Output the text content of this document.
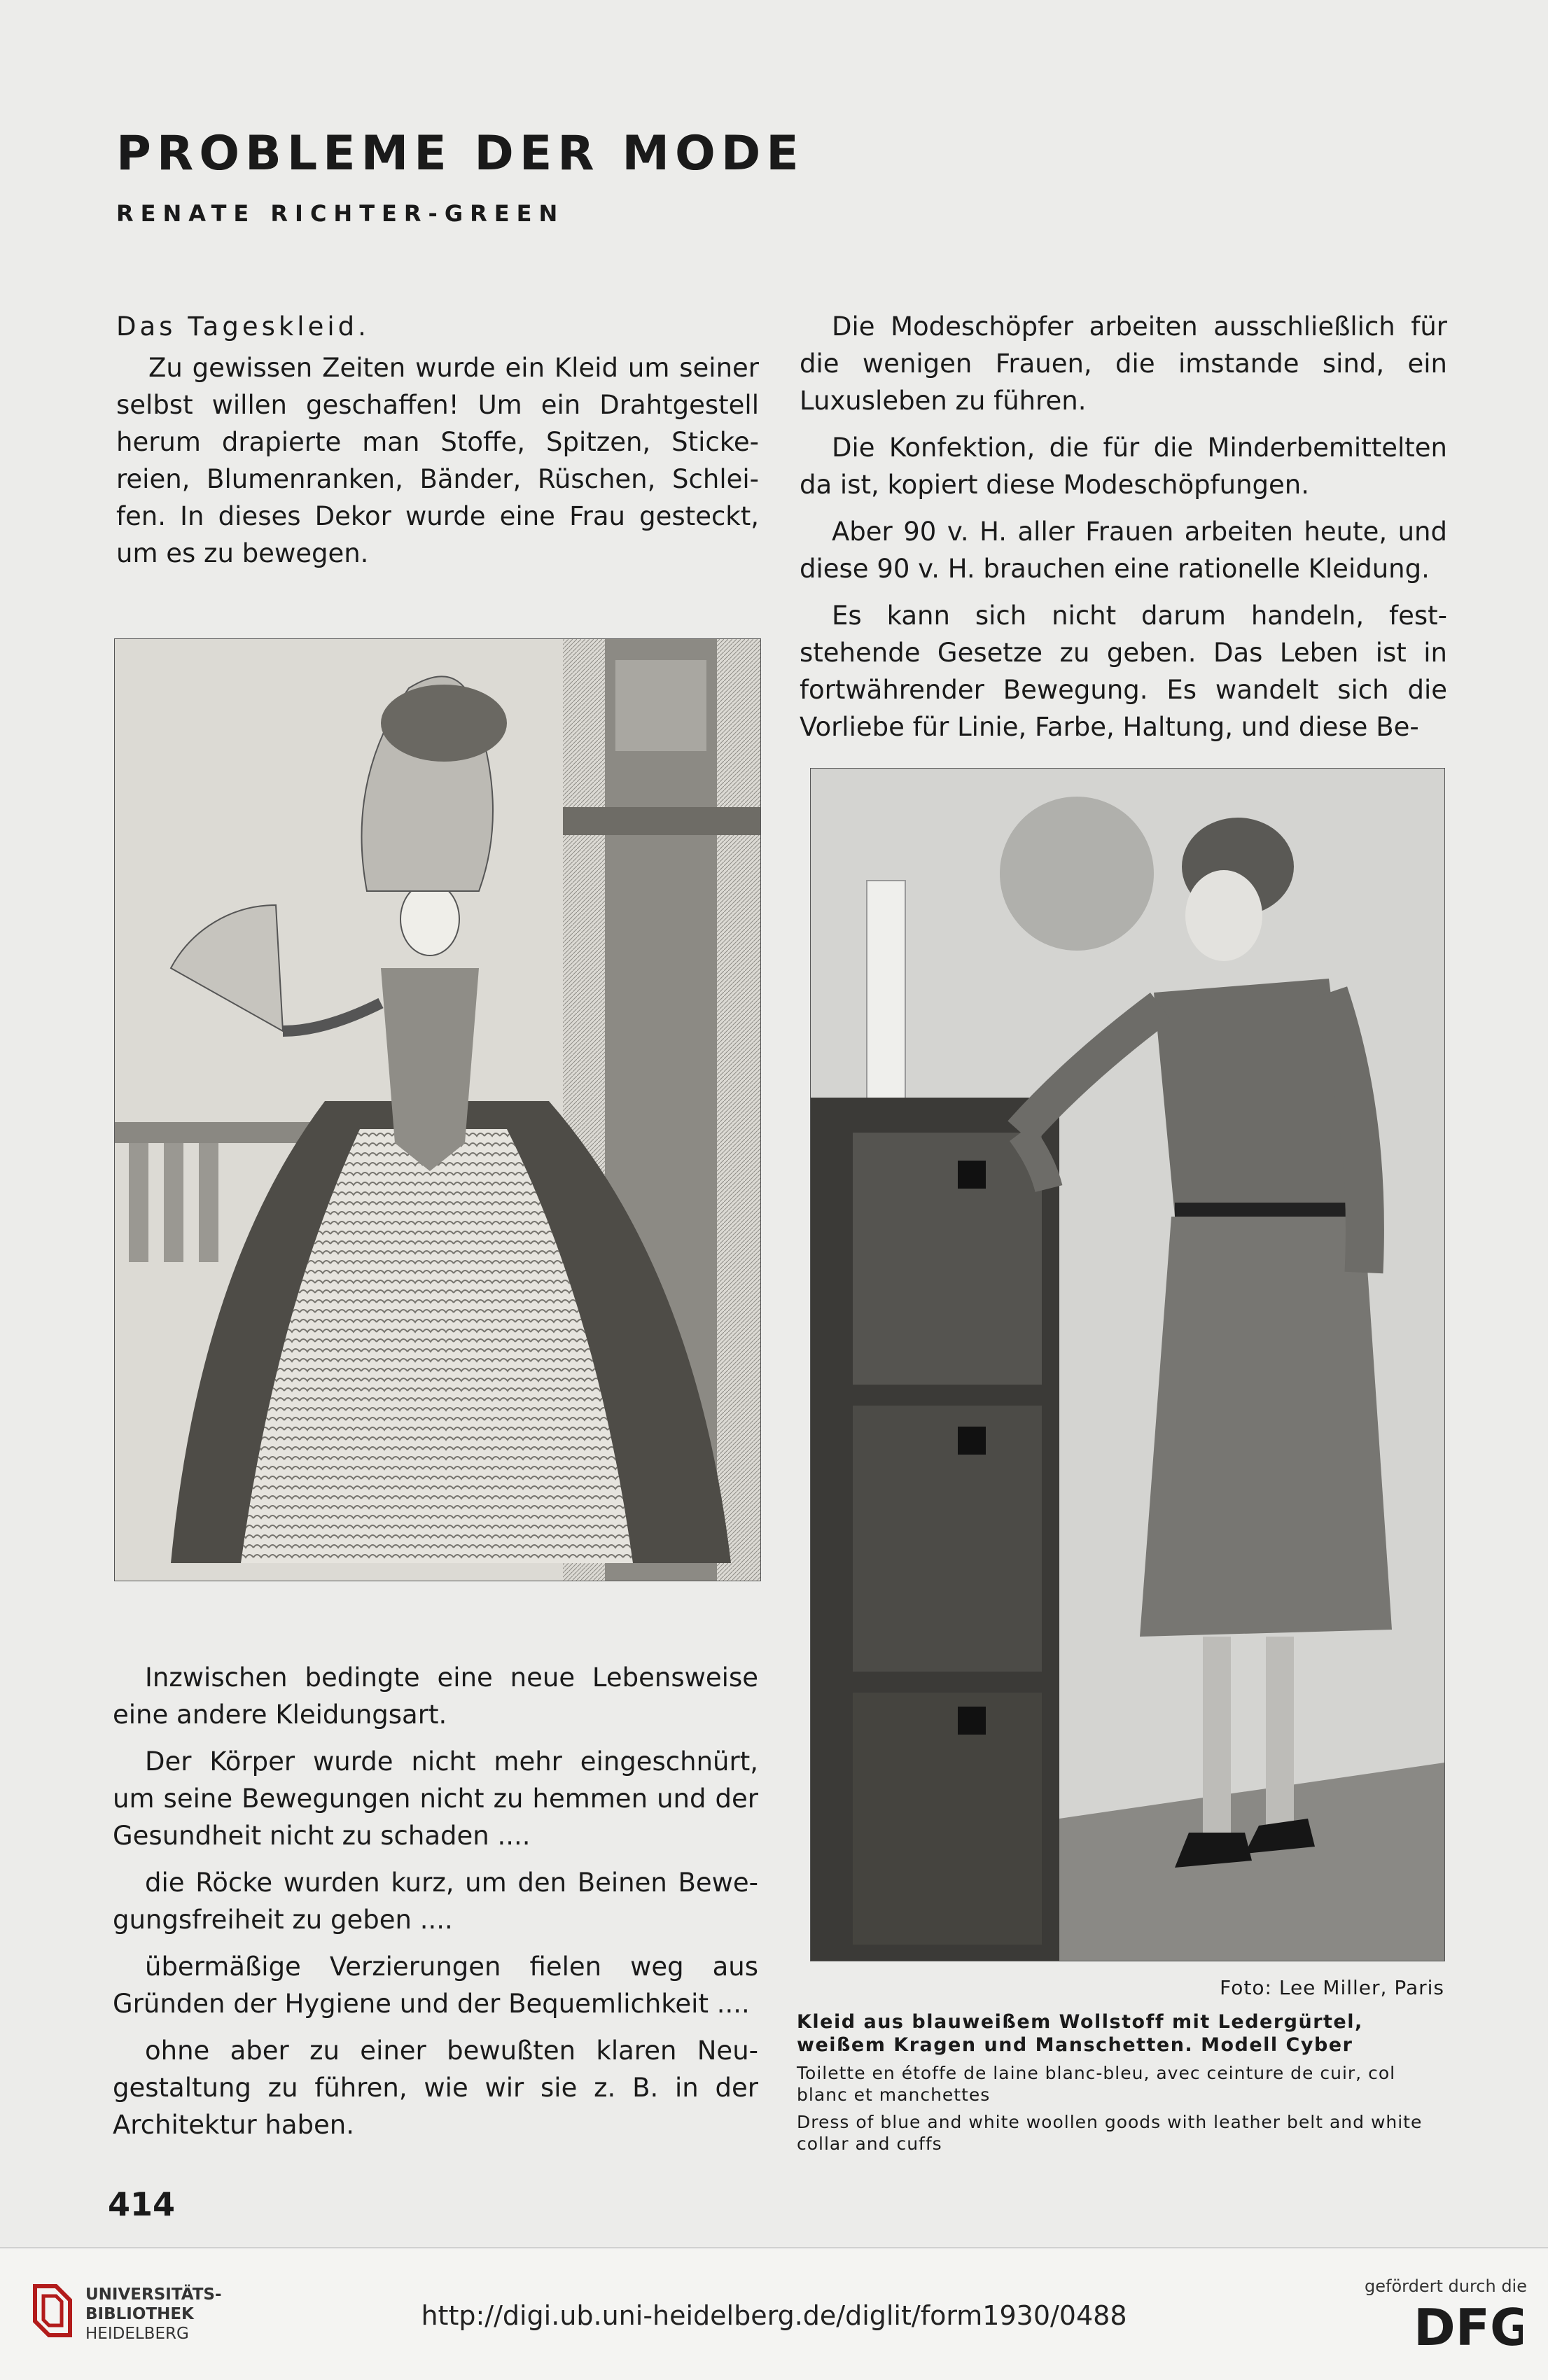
PROBLEME DER MODE
RENATE RICHTER-GREEN

Das Tageskleid.

Zu gewissen Zeiten wurde ein Kleid um seiner selbst willen geschaffen! Um ein Drahtgestell herum drapierte man Stoffe, Spitzen, Stickereien, Blumenranken, Bänder, Rüschen, Schleifen. In dieses Dekor wurde eine Frau gesteckt, um es zu bewegen.

Die Modeschöpfer arbeiten ausschließlich für die wenigen Frauen, die imstande sind, ein Luxusleben zu führen.

Die Konfektion, die für die Minderbemittelten da ist, kopiert diese Modeschöpfungen.

Aber 90 v. H. aller Frauen arbeiten heute, und diese 90 v. H. brauchen eine rationelle Kleidung.

Es kann sich nicht darum handeln, feststehende Gesetze zu geben. Das Leben ist in fortwährender Bewegung. Es wandelt sich die Vorliebe für Linie, Farbe, Haltung, und diese Be-

Foto: Lee Miller, Paris

Kleid aus blauweißem Wollstoff mit Ledergürtel, weißem Kragen und Manschetten. Modell Cyber

Toilette en étoffe de laine blanc-bleu, avec ceinture de cuir, col blanc et manchettes

Dress of blue and white woollen goods with leather belt and white collar and cuffs

Inzwischen bedingte eine neue Lebensweise eine andere Kleidungsart.

Der Körper wurde nicht mehr eingeschnürt, um seine Bewegungen nicht zu hemmen und der Gesundheit nicht zu schaden ....

die Röcke wurden kurz, um den Beinen Bewegungsfreiheit zu geben ....

übermäßige Verzierungen fielen weg aus Gründen der Hygiene und der Bequemlichkeit ....

ohne aber zu einer bewußten klaren Neugestaltung zu führen, wie wir sie z. B. in der Architektur haben.

414
UNIVERSITÄTS-
BIBLIOTHEK
HEIDELBERG
http://digi.ub.uni-heidelberg.de/diglit/form1930/0488
gefördert durch die
DFG
